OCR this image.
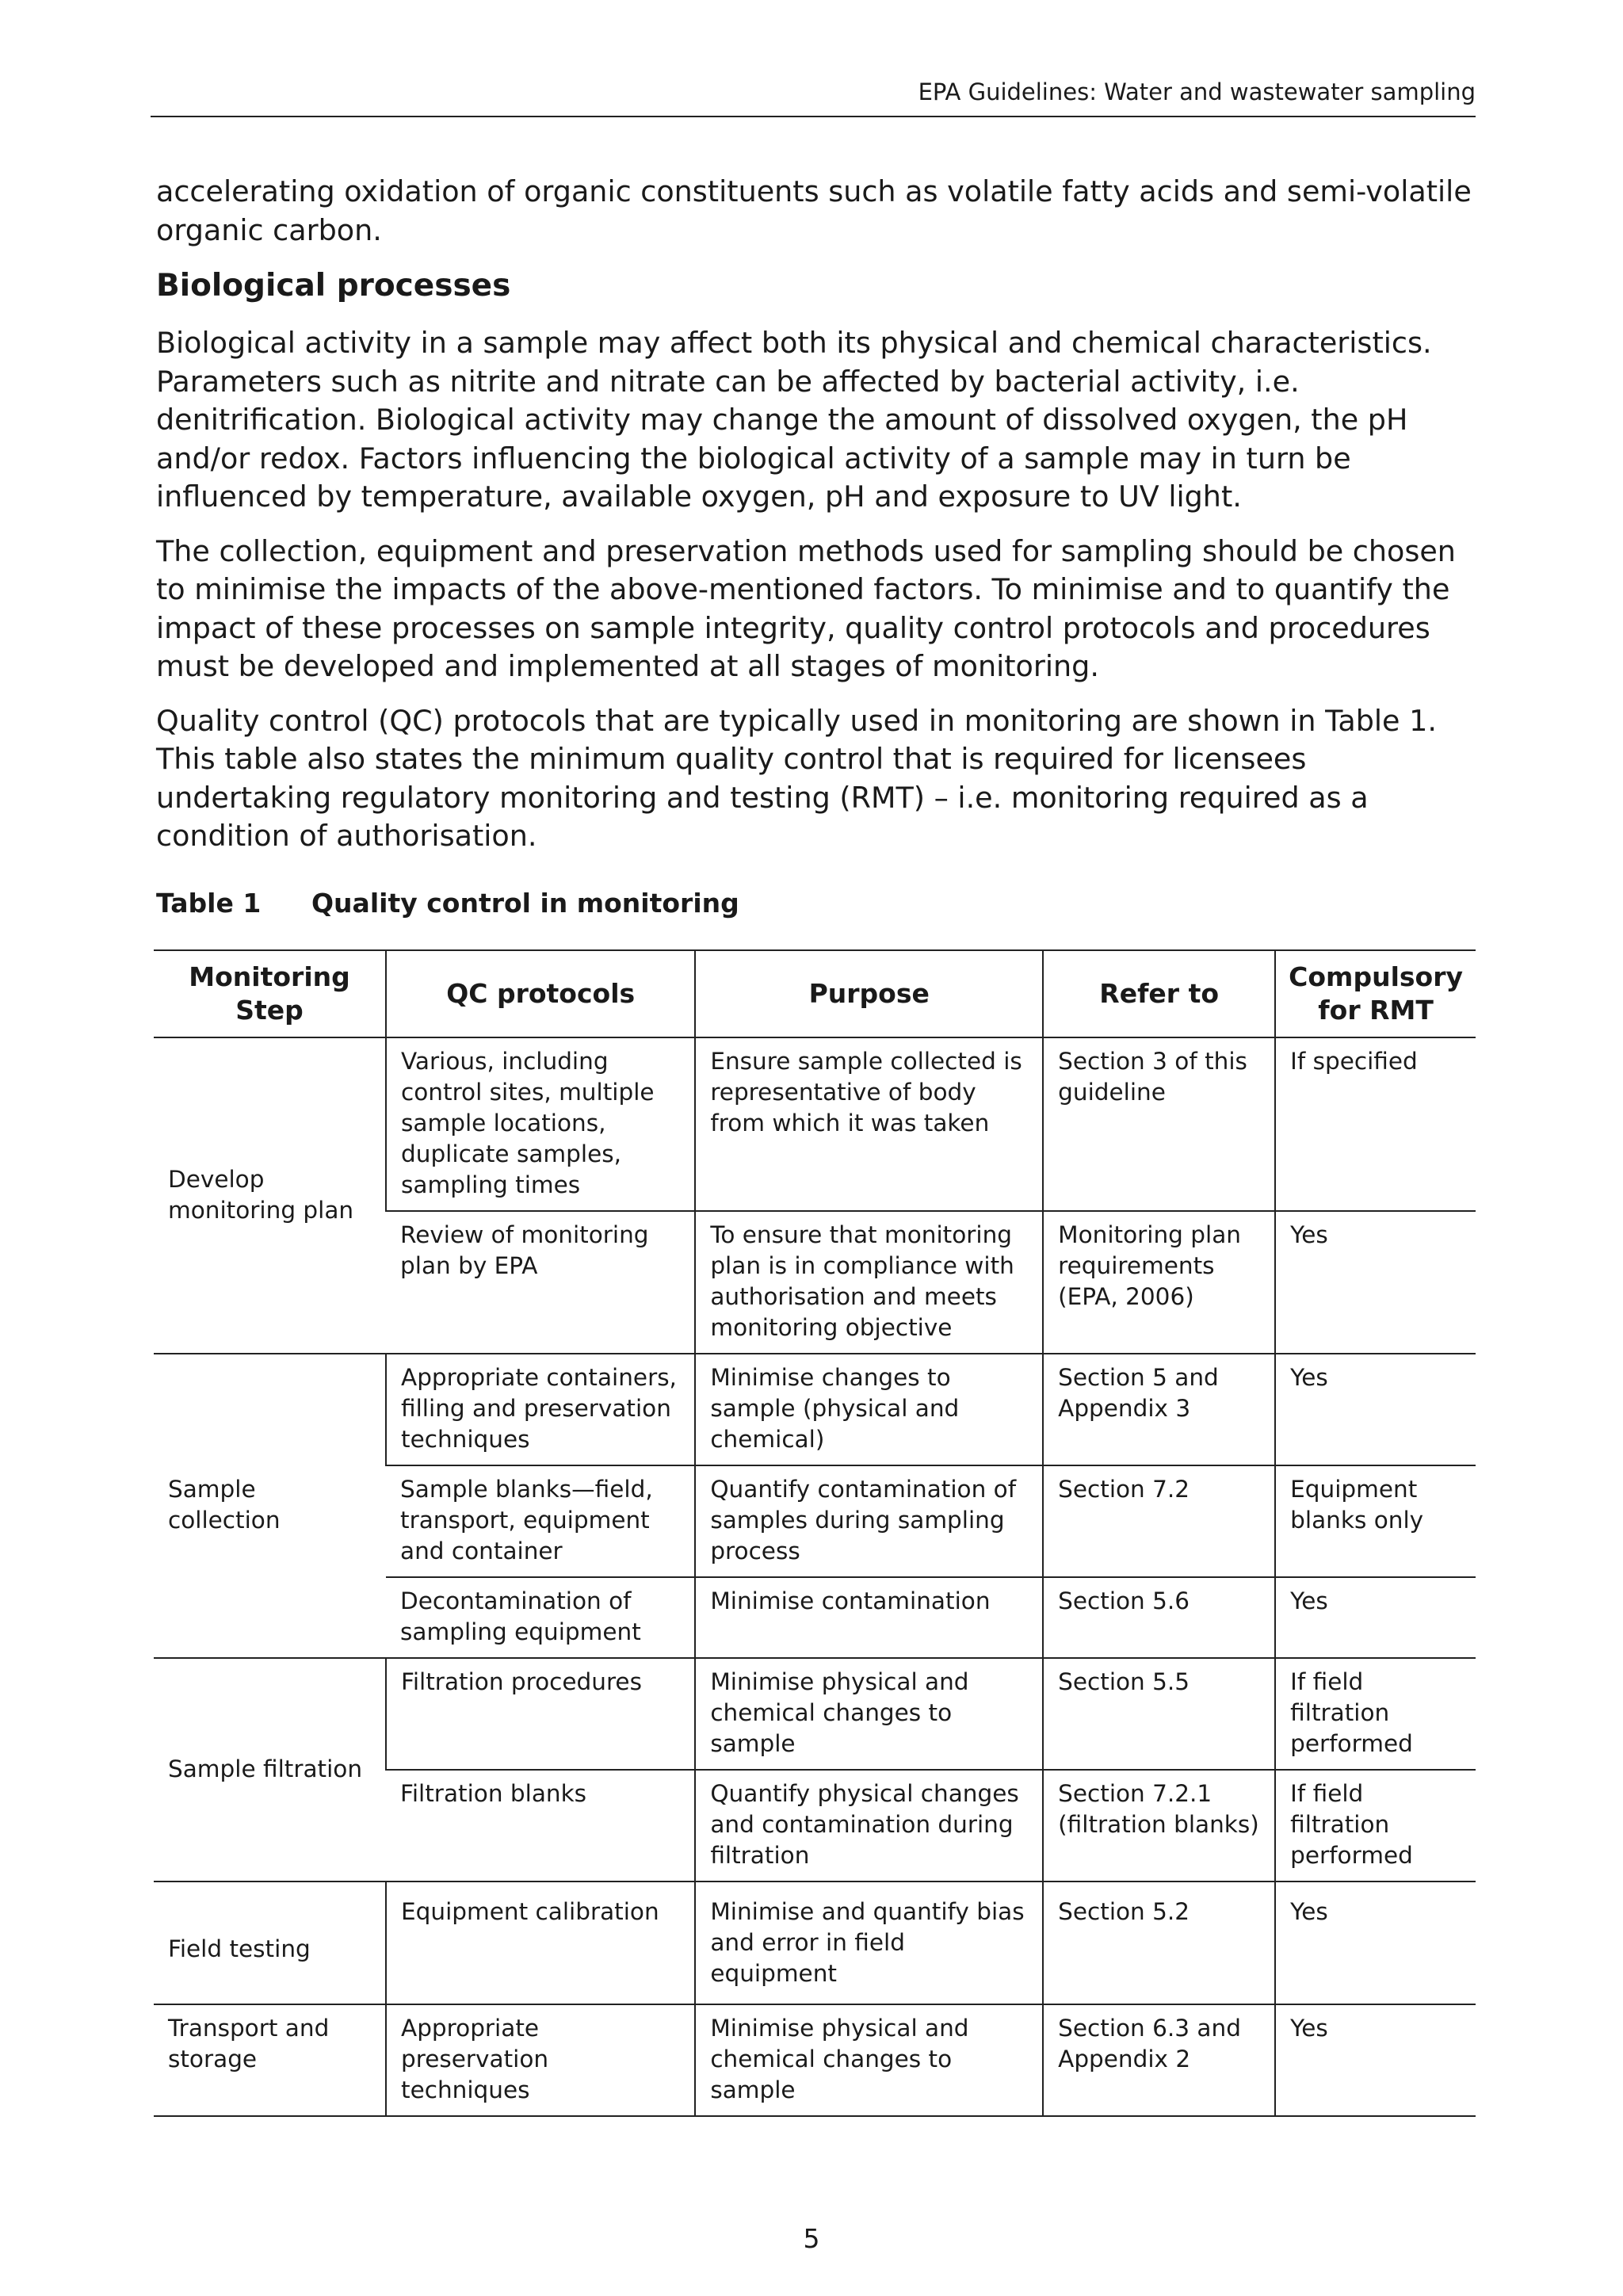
EPA Guidelines: Water and wastewater sampling

accelerating oxidation of organic constituents such as volatile fatty acids and semi-volatile organic carbon.

Biological processes

Biological activity in a sample may affect both its physical and chemical characteristics. Parameters such as nitrite and nitrate can be affected by bacterial activity, i.e. denitrification. Biological activity may change the amount of dissolved oxygen, the pH and/or redox. Factors influencing the biological activity of a sample may in turn be influenced by temperature, available oxygen, pH and exposure to UV light.

The collection, equipment and preservation methods used for sampling should be chosen to minimise the impacts of the above-mentioned factors. To minimise and to quantify the impact of these processes on sample integrity, quality control protocols and procedures must be developed and implemented at all stages of monitoring.

Quality control (QC) protocols that are typically used in monitoring are shown in Table 1. This table also states the minimum quality control that is required for licensees undertaking regulatory monitoring and testing (RMT) – i.e. monitoring required as a condition of authorisation.

Table 1 Quality control in monitoring
Monitoring Step	QC protocols	Purpose	Refer to	Compulsory for RMT
Develop monitoring plan	Various, including control sites, multiple sample locations, duplicate samples, sampling times	Ensure sample collected is representative of body from which it was taken	Section 3 of this guideline	If specified
	Review of monitoring plan by EPA	To ensure that monitoring plan is in compliance with authorisation and meets monitoring objective	Monitoring plan requirements (EPA, 2006)	Yes
Sample collection	Appropriate containers, filling and preservation techniques	Minimise changes to sample (physical and chemical)	Section 5 and Appendix 3	Yes
	Sample blanks—field, transport, equipment and container	Quantify contamination of samples during sampling process	Section 7.2	Equipment blanks only
	Decontamination of sampling equipment	Minimise contamination	Section 5.6	Yes
Sample filtration	Filtration procedures	Minimise physical and chemical changes to sample	Section 5.5	If field filtration performed
	Filtration blanks	Quantify physical changes and contamination during filtration	Section 7.2.1 (filtration blanks)	If field filtration performed
Field testing	Equipment calibration	Minimise and quantify bias and error in field equipment	Section 5.2	Yes
Transport and storage	Appropriate preservation techniques	Minimise physical and chemical changes to sample	Section 6.3 and Appendix 2	Yes
5
